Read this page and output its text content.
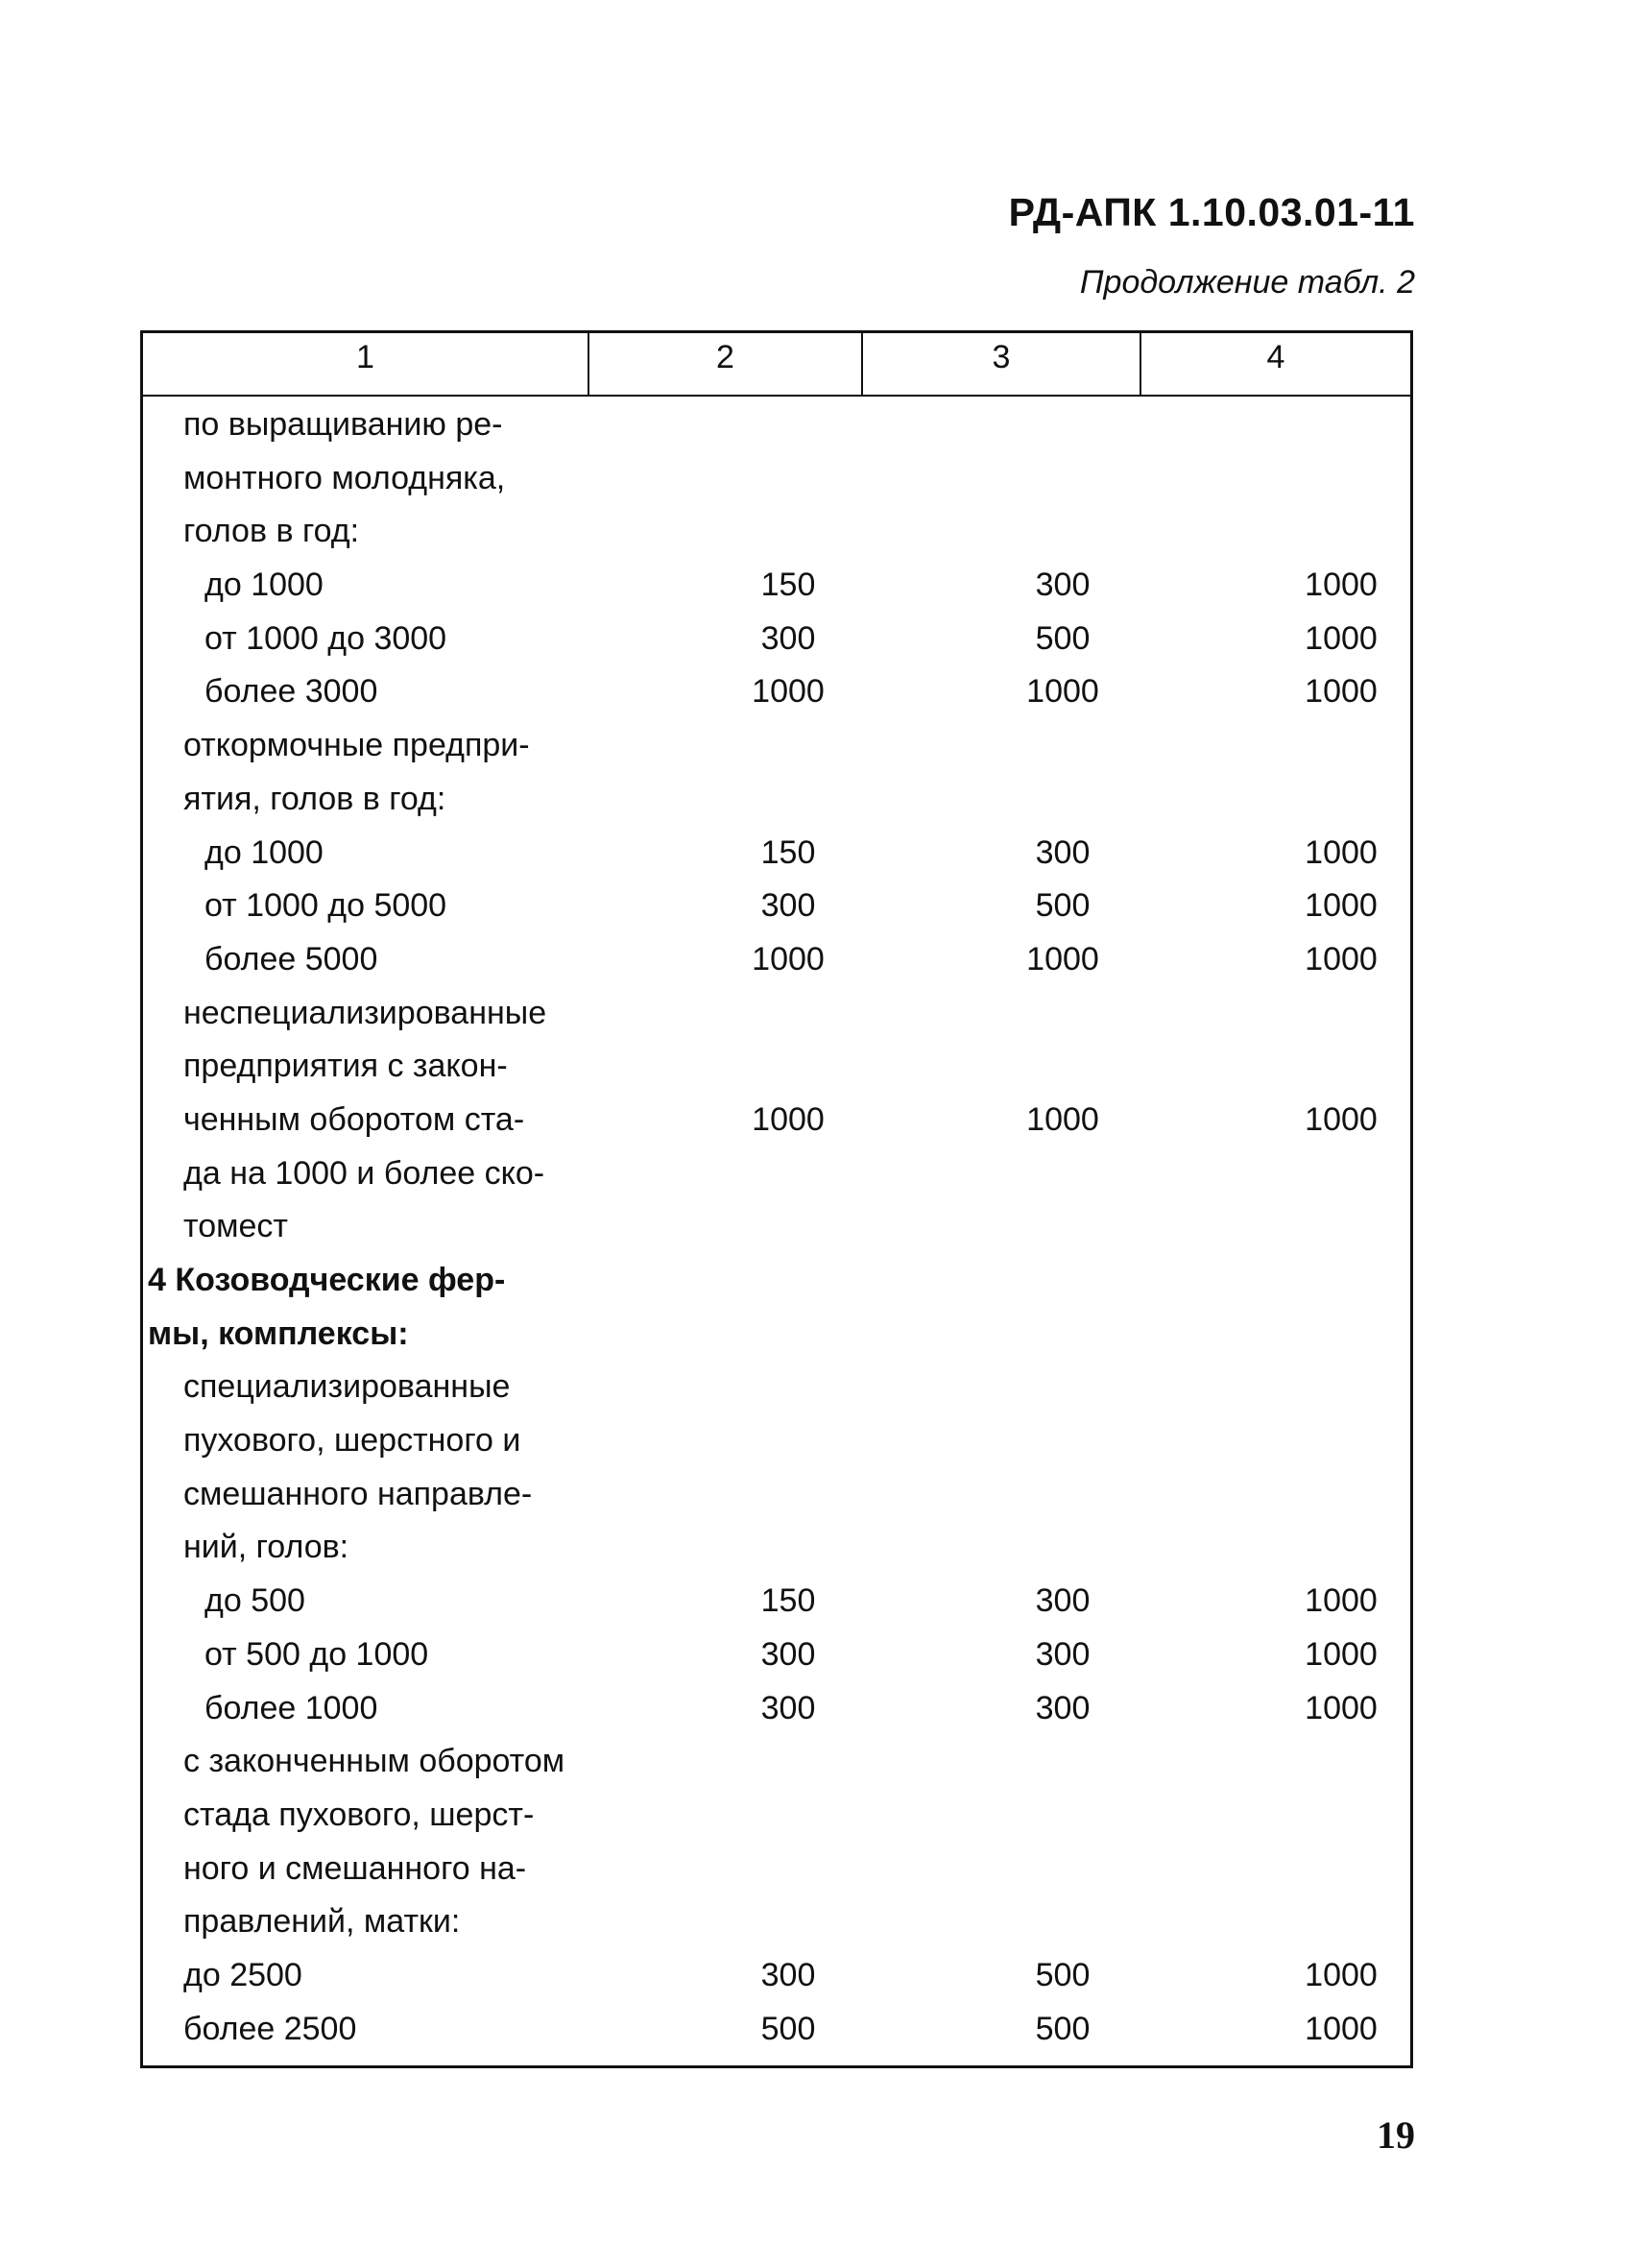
РД-АПК 1.10.03.01-11
Продолжение табл. 2
1	2	3	4
по выращиванию ре-
монтного молодняка,
голов в год:
до 1000	150	300	1000
от 1000 до 3000	300	500	1000
более 3000	1000	1000	1000
откормочные предпри-
ятия, голов в год:
до 1000	150	300	1000
от 1000 до 5000	300	500	1000
более 5000	1000	1000	1000
неспециализированные
предприятия с закон-
ченным оборотом ста-	1000	1000	1000
да на 1000 и более ско-
томест
4 Козоводческие фер-
мы, комплексы:
специализированные
пухового, шерстного и
смешанного направле-
ний, голов:
до 500	150	300	1000
от 500 до 1000	300	300	1000
более 1000	300	300	1000
с законченным оборотом
стада пухового, шерст-
ного и смешанного на-
правлений, матки:
до 2500	300	500	1000
более 2500	500	500	1000
19
